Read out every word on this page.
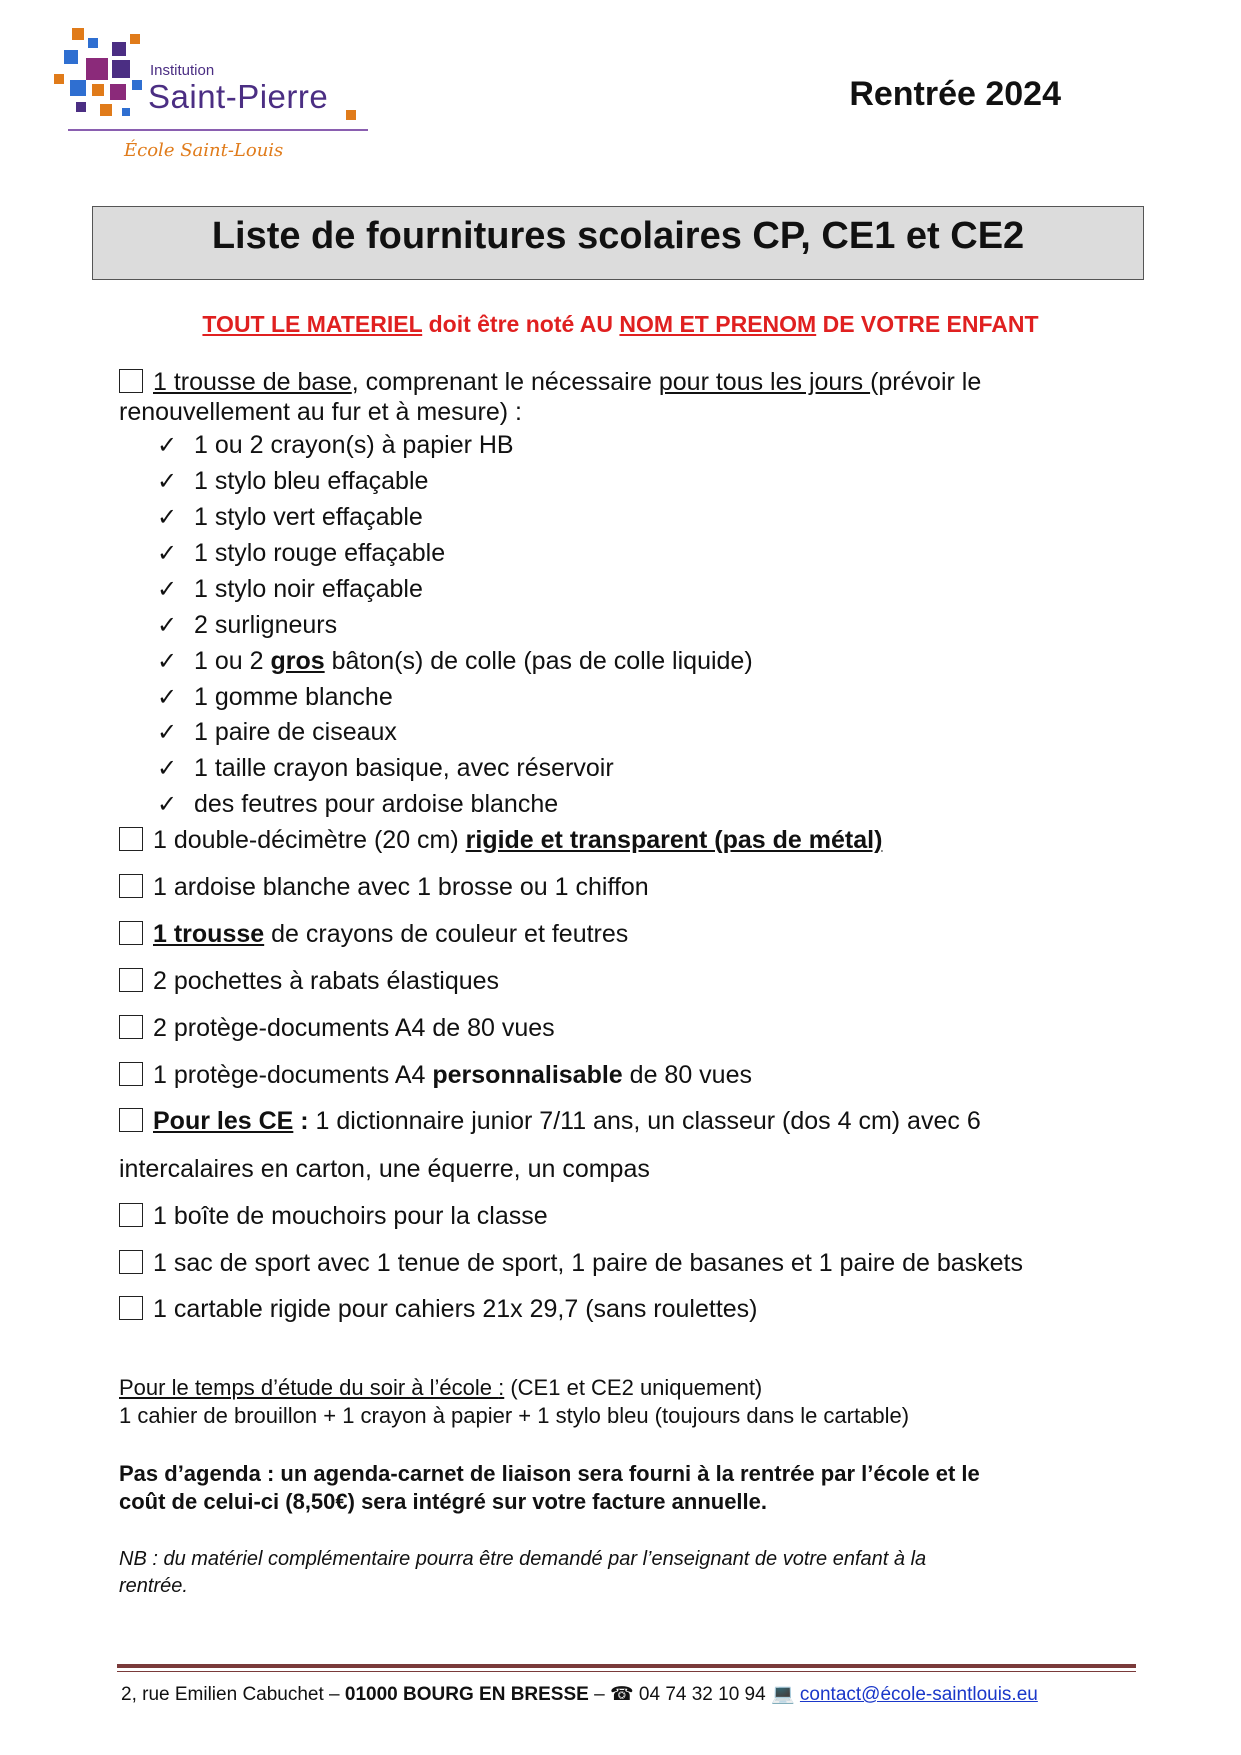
Institution
Saint-Pierre
École Saint-Louis
Rentrée 2024
Liste de fournitures scolaires CP, CE1 et CE2
TOUT LE MATERIEL doit être noté AU NOM ET PRENOM DE VOTRE ENFANT
1 trousse de base, comprenant le nécessaire pour tous les jours (prévoir le
renouvellement au fur et à mesure) :
✓ 1 ou 2 crayon(s) à papier HB
✓ 1 stylo bleu effaçable
✓ 1 stylo vert effaçable
✓ 1 stylo rouge effaçable
✓ 1 stylo noir effaçable
✓ 2 surligneurs
✓ 1 ou 2 gros bâton(s) de colle (pas de colle liquide)
✓ 1 gomme blanche
✓ 1 paire de ciseaux
✓ 1 taille crayon basique, avec réservoir
✓ des feutres pour ardoise blanche
1 double-décimètre (20 cm) rigide et transparent (pas de métal)
1 ardoise blanche avec 1 brosse ou 1 chiffon
1 trousse de crayons de couleur et feutres
2 pochettes à rabats élastiques
2 protège-documents A4 de 80 vues
1 protège-documents A4 personnalisable de 80 vues
Pour les CE : 1 dictionnaire junior 7/11 ans, un classeur (dos 4 cm) avec 6
intercalaires en carton, une équerre, un compas
1 boîte de mouchoirs pour la classe
1 sac de sport avec 1 tenue de sport, 1 paire de basanes et 1 paire de baskets
1 cartable rigide pour cahiers 21x 29,7 (sans roulettes)
Pour le temps d’étude du soir à l’école : (CE1 et CE2 uniquement)
1 cahier de brouillon + 1 crayon à papier + 1 stylo bleu (toujours dans le cartable)
Pas d’agenda : un agenda-carnet de liaison sera fourni à la rentrée par l’école et le
coût de celui-ci (8,50€) sera intégré sur votre facture annuelle.
NB : du matériel complémentaire pourra être demandé par l’enseignant de votre enfant à la
rentrée.
2, rue Emilien Cabuchet – 01000 BOURG EN BRESSE – ☎ 04 74 32 10 94 💻 contact@école-saintlouis.eu
